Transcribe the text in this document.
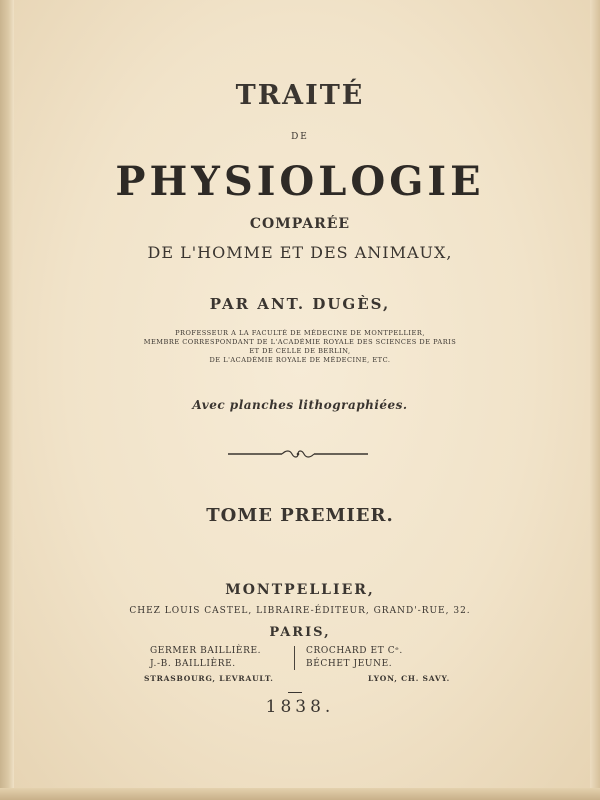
TRAITÉ
DE
PHYSIOLOGIE
COMPARÉE
DE L'HOMME ET DES ANIMAUX,
PAR ANT. DUGÈS,
PROFESSEUR A LA FACULTÉ DE MÉDECINE DE MONTPELLIER,
MEMBRE CORRESPONDANT DE L'ACADÉMIE ROYALE DES SCIENCES DE PARIS
ET DE CELLE DE BERLIN,
DE L'ACADÉMIE ROYALE DE MÉDECINE, ETC.
Avec planches lithographiées.
TOME PREMIER.
MONTPELLIER,
CHEZ LOUIS CASTEL, LIBRAIRE-ÉDITEUR, GRAND'-RUE, 32.
PARIS,
GERMER BAILLIÈRE.
J.-B. BAILLIÈRE.
CROCHARD ET Cᵉ.
BÉCHET JEUNE.
STRASBOURG, LEVRAULT.	LYON, CH. SAVY.
1838.
